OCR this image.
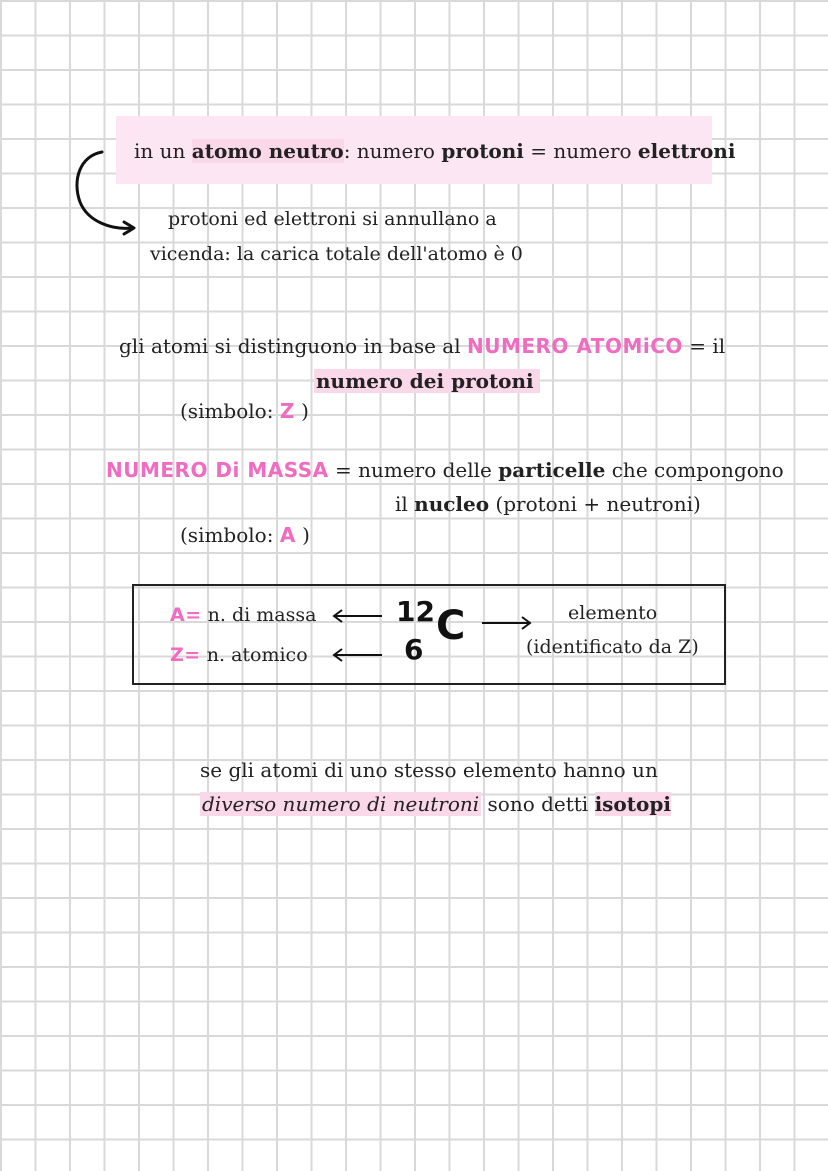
in un atomo neutro: numero protoni = numero elettroni
protoni ed elettroni si annullano a
vicenda: la carica totale dell'atomo è 0
gli atomi si distinguono in base al NUMERO ATOMiCO = il
numero dei protoni
(simbolo: Z )
NUMERO Di MASSA = numero delle particelle che compongono
il nucleo (protoni + neutroni)
(simbolo: A )
A= n. di massa
Z= n. atomico
12
6
C	elemento
(identificato da Z)
se gli atomi di uno stesso elemento hanno un
diverso numero di neutroni sono detti isotopi
